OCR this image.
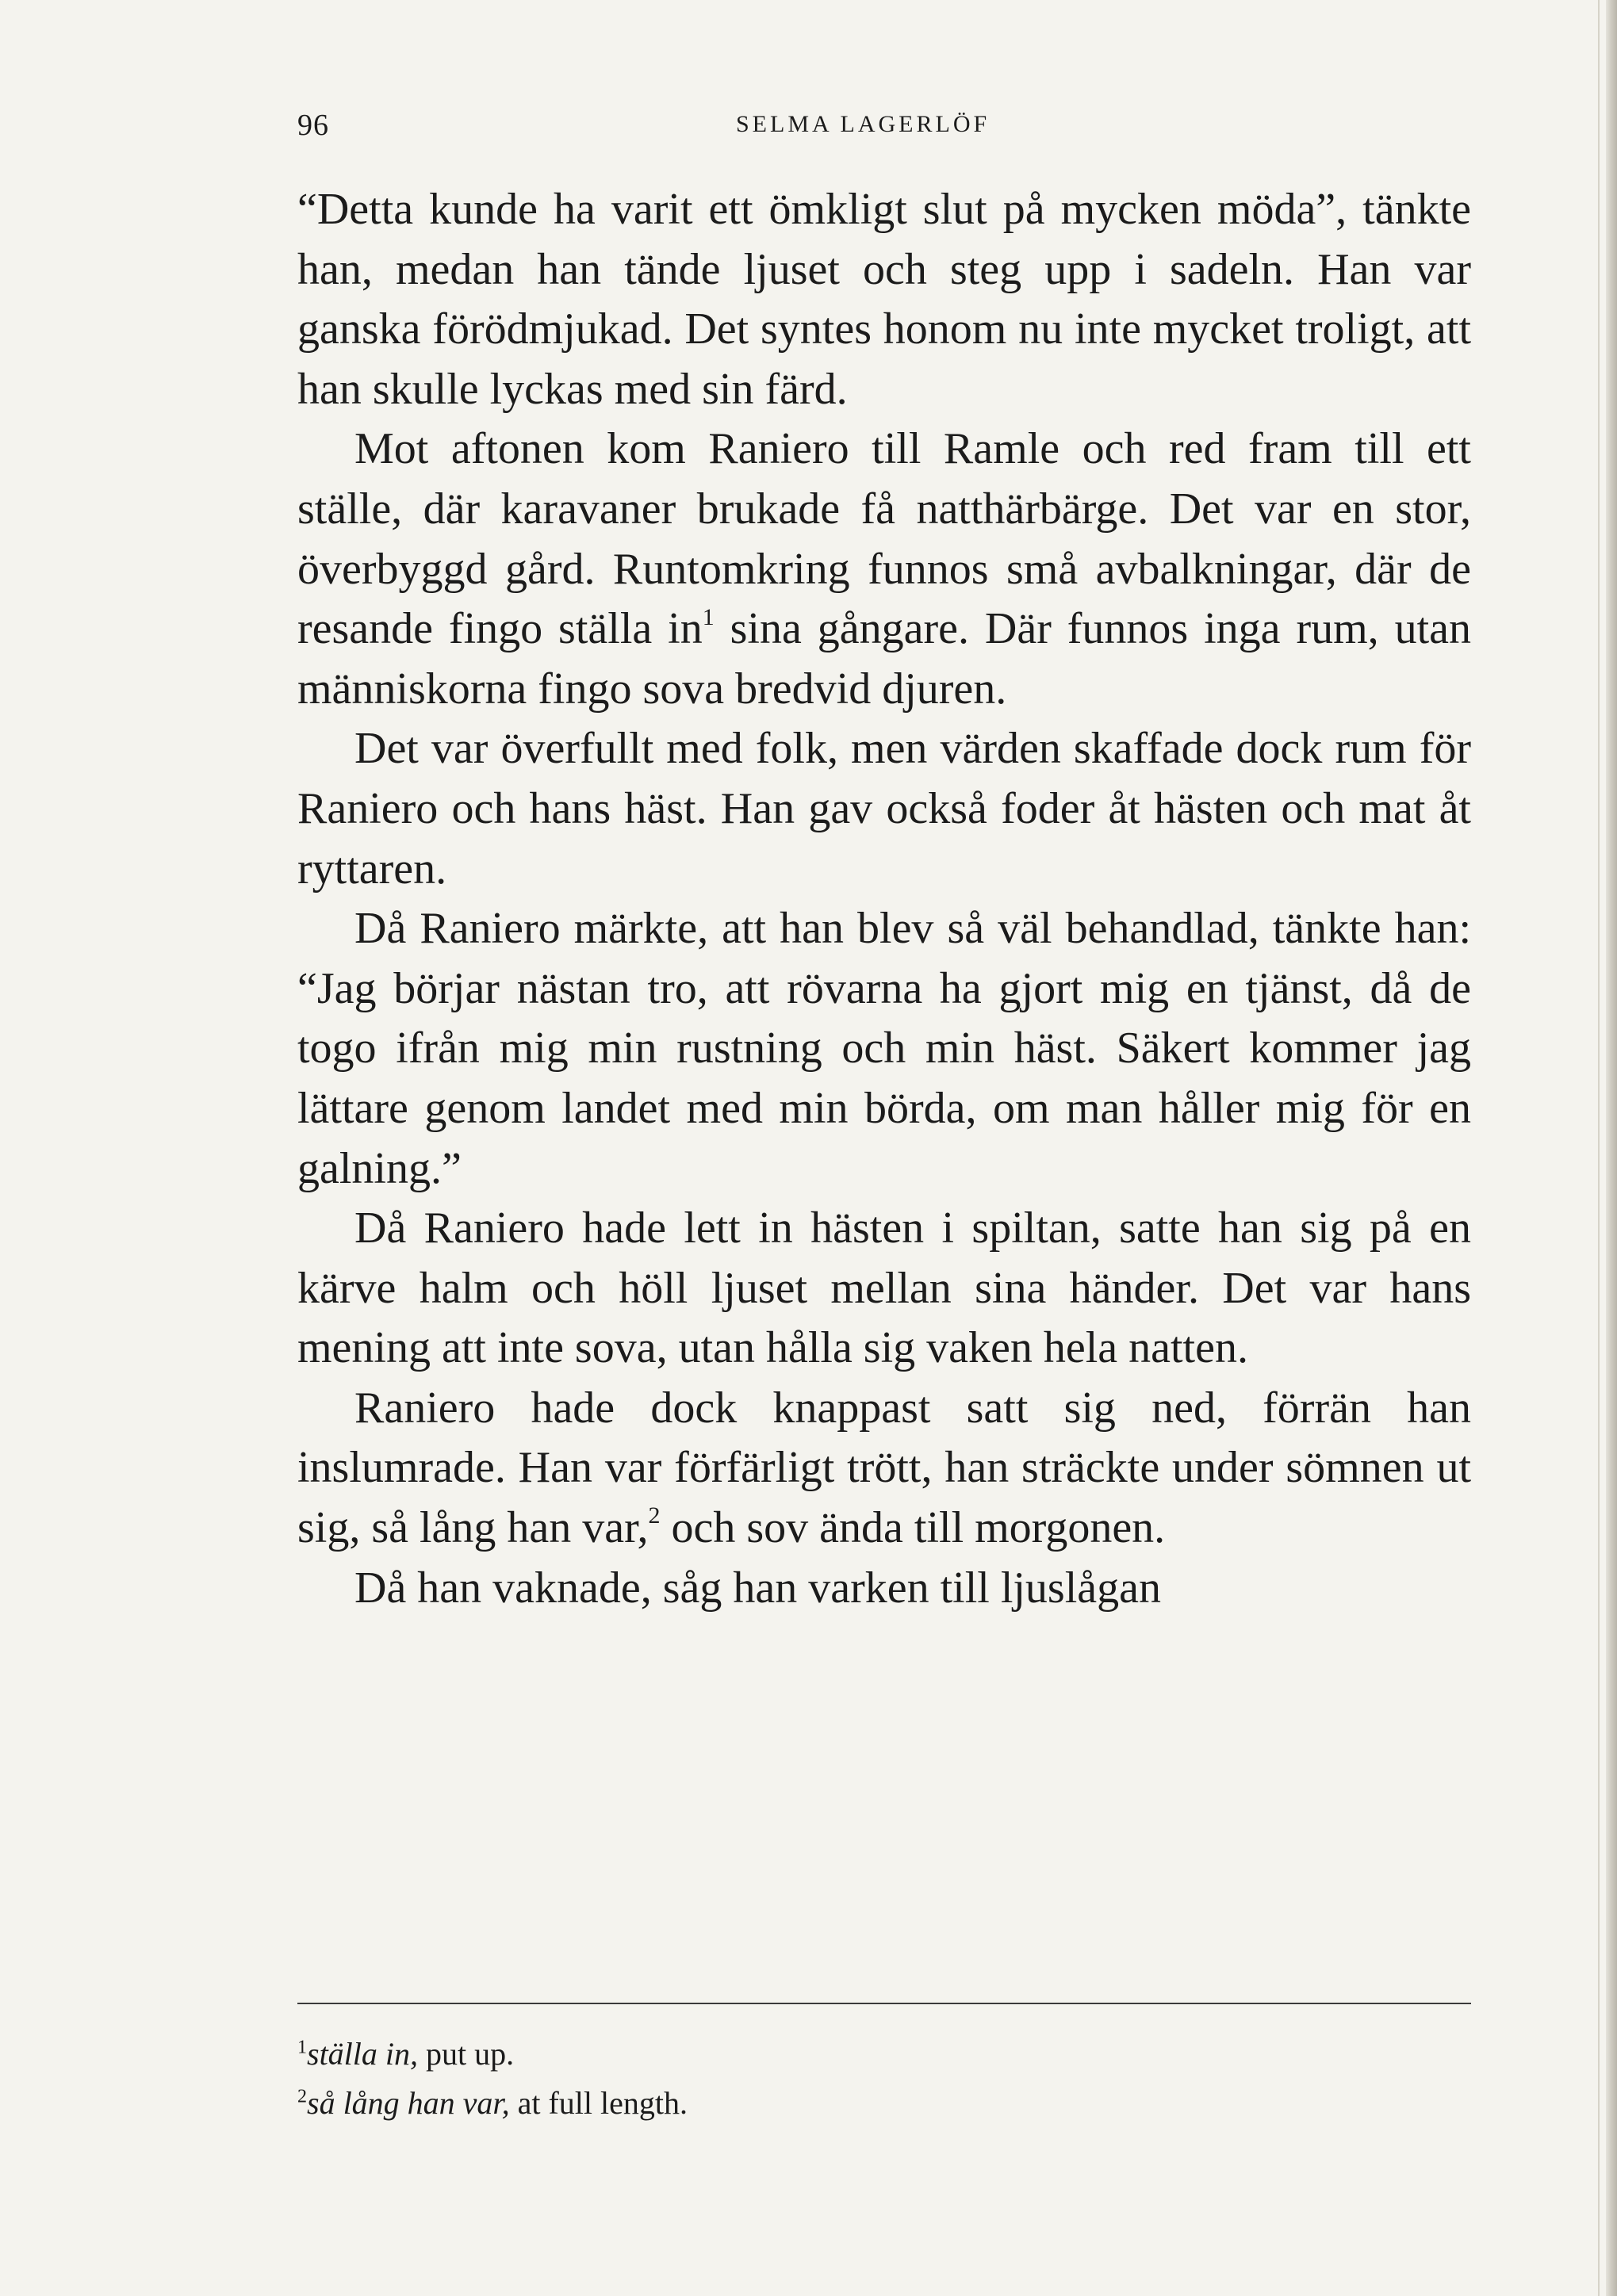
96	SELMA LAGERLÖF

“Detta kunde ha varit ett ömkligt slut på mycken möda”, tänkte han, medan han tände ljuset och steg upp i sadeln. Han var ganska förödmjukad. Det syntes honom nu inte mycket troligt, att han skulle lyckas med sin färd.

Mot aftonen kom Raniero till Ramle och red fram till ett ställe, där karavaner brukade få natthärbärge. Det var en stor, överbyggd gård. Runtomkring funnos små avbalkningar, där de resande fingo ställa in$^1$ sina gångare. Där funnos inga rum, utan människorna fingo sova bredvid djuren.

Det var överfullt med folk, men värden skaffade dock rum för Raniero och hans häst. Han gav också foder åt hästen och mat åt ryttaren.

Då Raniero märkte, att han blev så väl behandlad, tänkte han: “Jag börjar nästan tro, att rövarna ha gjort mig en tjänst, då de togo ifrån mig min rustning och min häst. Säkert kommer jag lättare genom landet med min börda, om man håller mig för en galning.”

Då Raniero hade lett in hästen i spiltan, satte han sig på en kärve halm och höll ljuset mellan sina händer. Det var hans mening att inte sova, utan hålla sig vaken hela natten.

Raniero hade dock knappast satt sig ned, förrän han inslumrade. Han var förfärligt trött, han sträckte under sömnen ut sig, så lång han var,$^2$ och sov ända till morgonen.

Då han vaknade, såg han varken till ljuslågan

$^1$ställa in, put up.
$^2$så lång han var, at full length.
